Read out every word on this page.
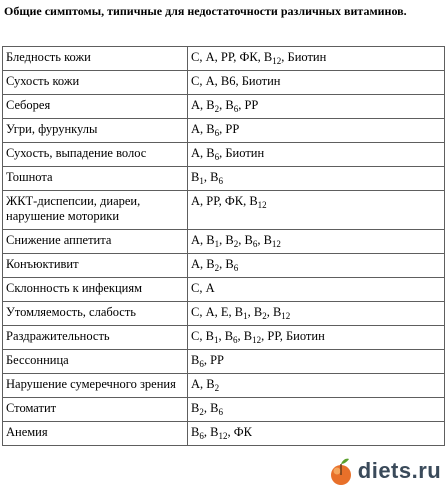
Общие симптомы, типичные для недостаточности различных витаминов.
Бледность кожи	С, А, РР, ФК, $В_{12}$, Биотин
Сухость кожи	С, А, В6, Биотин
Себорея	А, $В_2$, $В_6$, РР
Угри, фурункулы	А, $В_6$, РР
Сухость, выпадение волос	А, $В_6$, Биотин
Тошнота	$В_1$, $В_6$
ЖКТ-диспепсии, диареи, нарушение моторики	А, РР, ФК, $В_{12}$
Снижение аппетита	А, $В_1$, $В_2$, $В_6$, $В_{12}$
Конъюктивит	А, $В_2$, $В_6$
Склонность к инфекциям	С, А
Утомляемость, слабость	С, А, Е, $В_1$, $В_2$, $В_{12}$
Раздражительность	С, $В_1$, $В_6$, $В_{12}$, РР, Биотин
Бессонница	$В_6$, РР
Нарушение сумеречного зрения	А, $В_2$
Стоматит	$В_2$, $В_6$
Анемия	$В_6$, $В_{12}$, ФК
diets.ru
